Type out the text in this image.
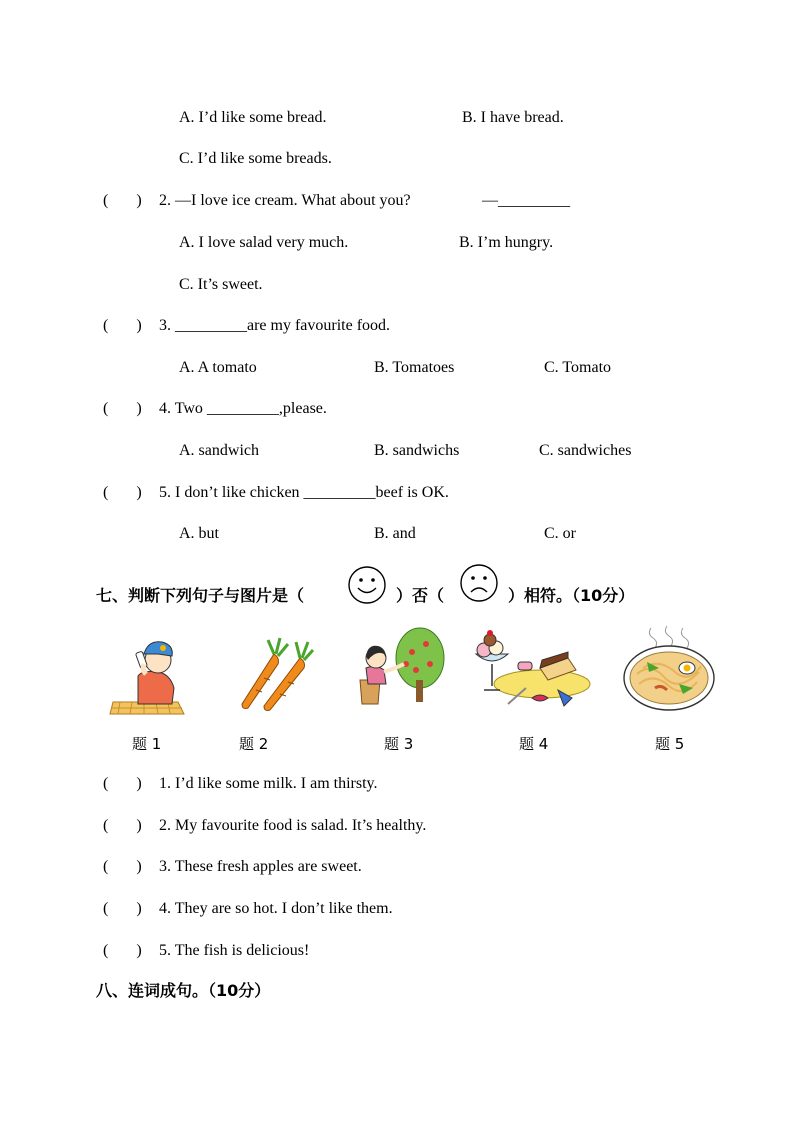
A. I’d like some bread.	B. I have bread.
C. I’d like some breads.
(       ) 2. —I love ice cream. What about you?	—_________
A. I love salad very much.	B. I’m hungry.
C. It’s sweet.
(       ) 3. _________are my favourite food.
A. A tomato	B. Tomatoes	C. Tomato
(       ) 4. Two _________,please.
A. sandwich	B. sandwichs	C. sandwiches
(       ) 5. I don’t like chicken _________beef is OK.
A. but	B. and	C. or
七、判断下列句子与图片是（	）否（	）相符。（10分）
题 1	题 2	题 3	题 4	题 5
(       ) 1. I’d like some milk. I am thirsty.
(       ) 2. My favourite food is salad. It’s healthy.
(       ) 3. These fresh apples are sweet.
(       ) 4. They are so hot. I don’t like them.
(       ) 5. The fish is delicious!
八、连词成句。（10分）
